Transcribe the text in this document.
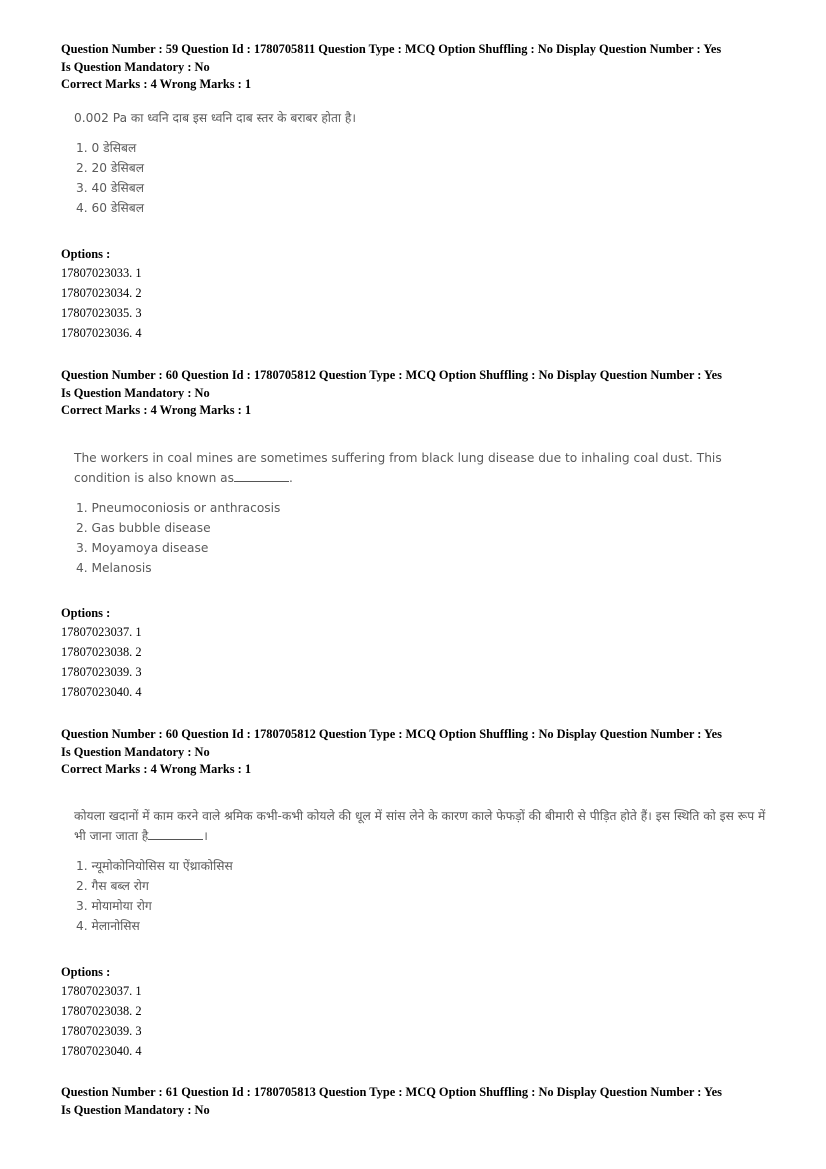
Question Number : 59 Question Id : 1780705811 Question Type : MCQ Option Shuffling : No Display Question Number : Yes
Is Question Mandatory : No
Correct Marks : 4 Wrong Marks : 1
0.002 Pa का ध्वनि दाब इस ध्वनि दाब स्तर के बराबर होता है।
1. 0 डेसिबल
2. 20 डेसिबल
3. 40 डेसिबल
4. 60 डेसिबल
Options :
17807023033. 1
17807023034. 2
17807023035. 3
17807023036. 4
Question Number : 60 Question Id : 1780705812 Question Type : MCQ Option Shuffling : No Display Question Number : Yes
Is Question Mandatory : No
Correct Marks : 4 Wrong Marks : 1
The workers in coal mines are sometimes suffering from black lung disease due to inhaling coal dust. This condition is also known as	.
1. Pneumoconiosis or anthracosis
2. Gas bubble disease
3. Moyamoya disease
4. Melanosis
Options :
17807023037. 1
17807023038. 2
17807023039. 3
17807023040. 4
Question Number : 60 Question Id : 1780705812 Question Type : MCQ Option Shuffling : No Display Question Number : Yes
Is Question Mandatory : No
Correct Marks : 4 Wrong Marks : 1
कोयला खदानों में काम करने वाले श्रमिक कभी-कभी कोयले की धूल में सांस लेने के कारण काले फेफड़ों की बीमारी से पीड़ित होते हैं। इस स्थिति को इस रूप में भी जाना जाता है	।
1. न्यूमोकोनियोसिस या ऐंथ्राकोसिस
2. गैस बब्ल रोग
3. मोयामोया रोग
4. मेलानोसिस
Options :
17807023037. 1
17807023038. 2
17807023039. 3
17807023040. 4
Question Number : 61 Question Id : 1780705813 Question Type : MCQ Option Shuffling : No Display Question Number : Yes
Is Question Mandatory : No
